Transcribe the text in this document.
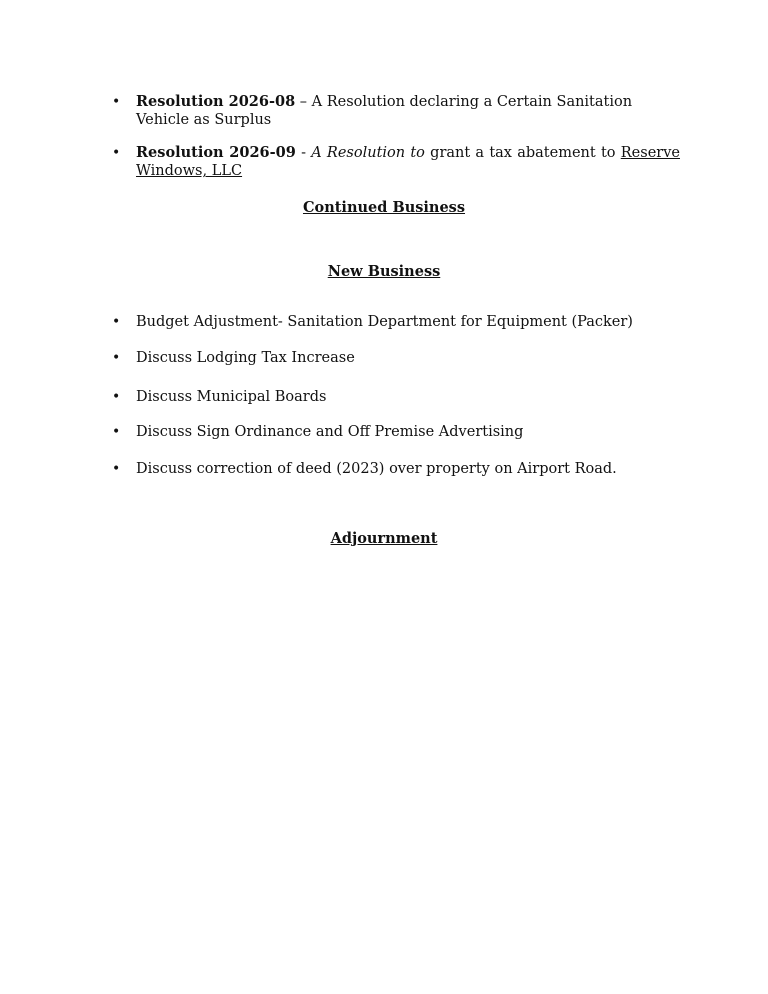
•	Resolution 2026-08 – A Resolution declaring a Certain Sanitation Vehicle as Surplus
•	Resolution 2026-09 - A Resolution to grant a tax abatement to Reserve Windows, LLC
Continued Business
New Business
•	Budget Adjustment- Sanitation Department for Equipment (Packer)
•	Discuss Lodging Tax Increase
•	Discuss Municipal Boards
•	Discuss Sign Ordinance and Off Premise Advertising
•	Discuss correction of deed (2023) over property on Airport Road.
Adjournment
